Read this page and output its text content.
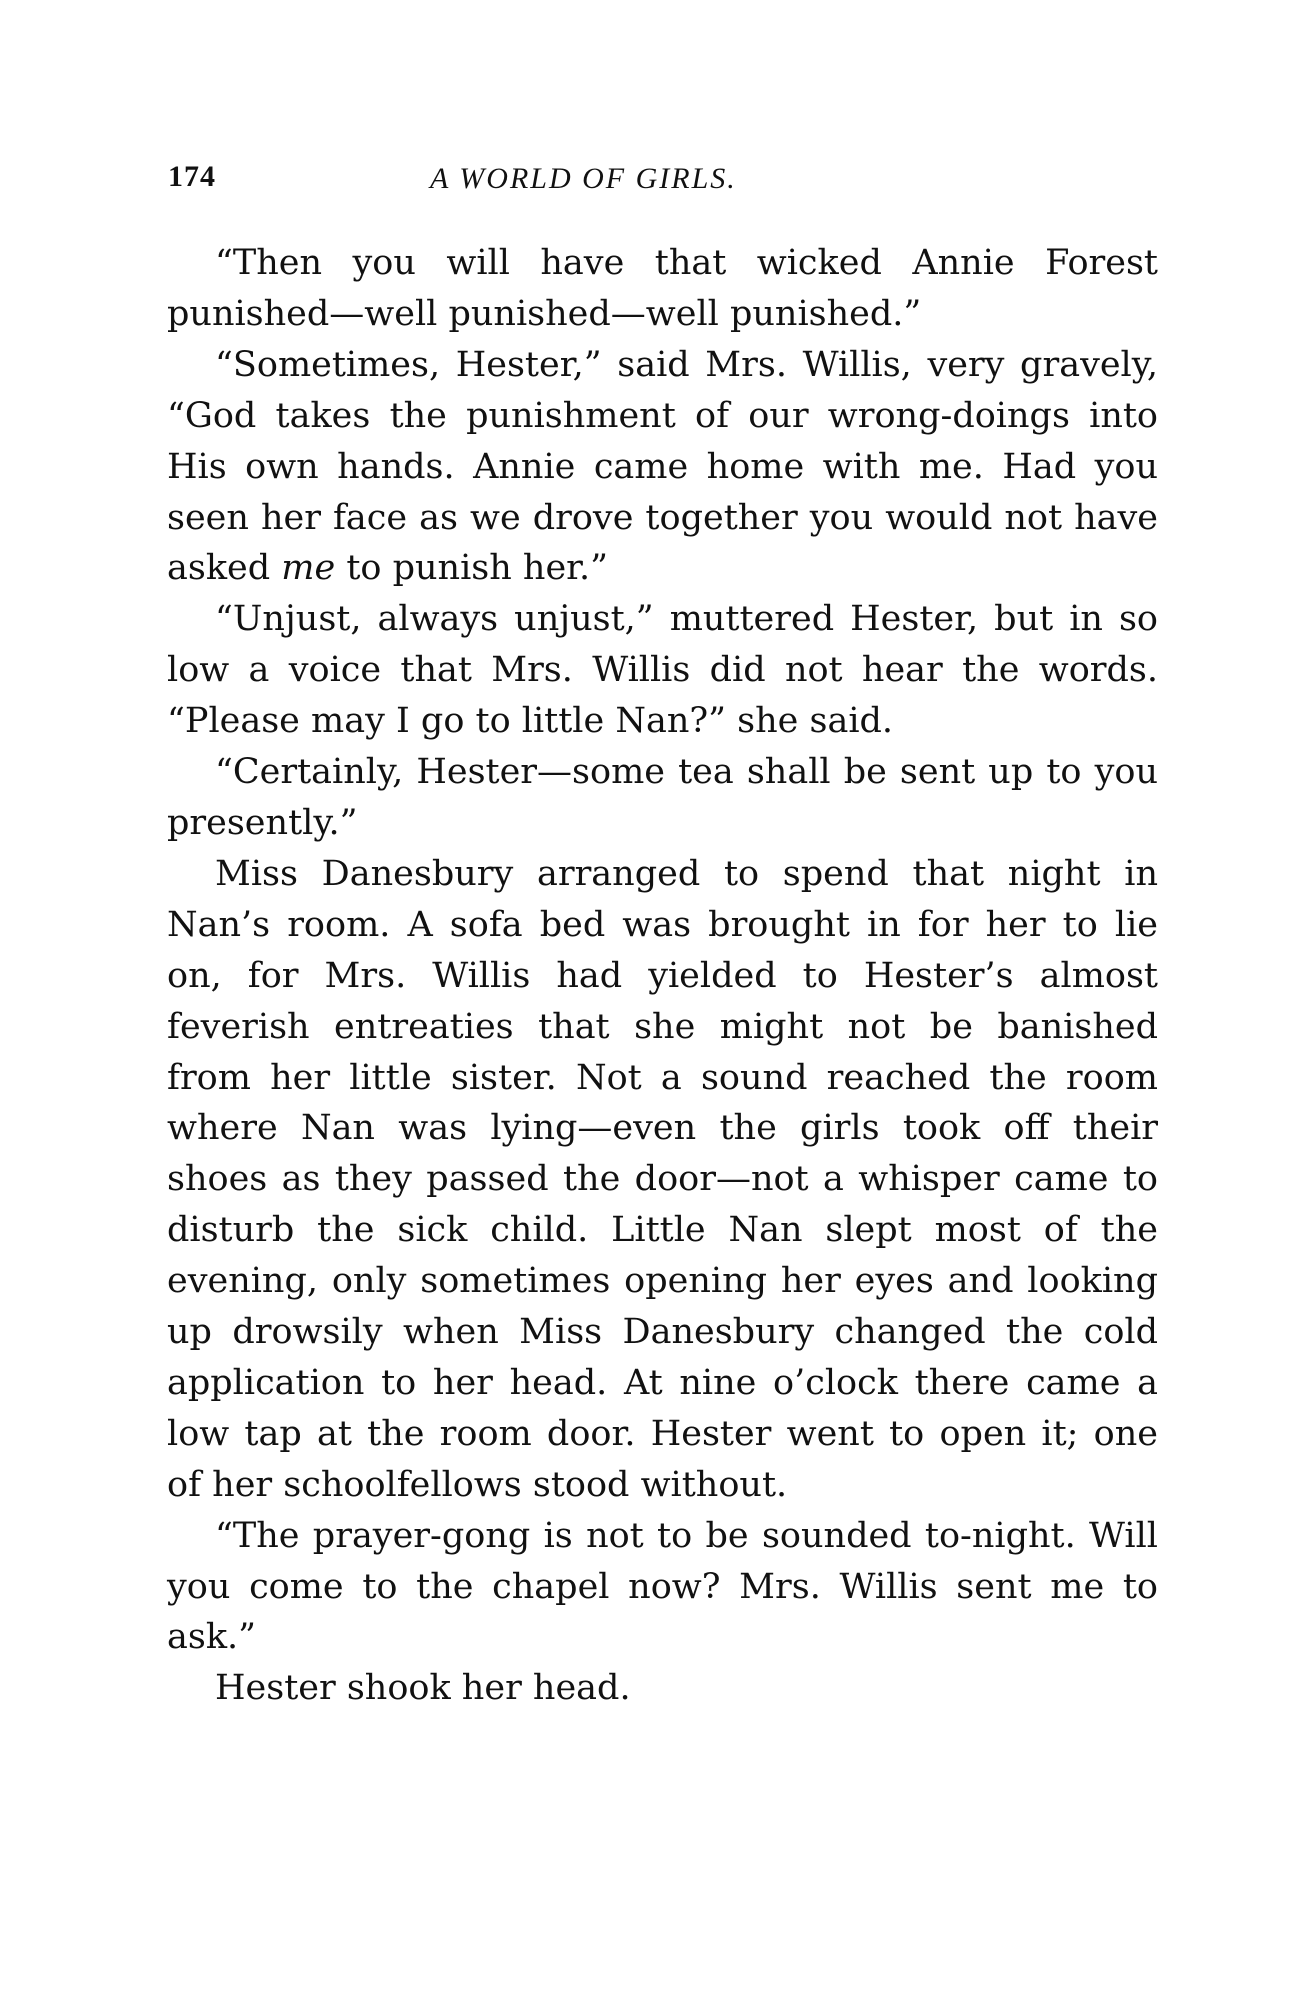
174	A WORLD OF GIRLS.

“Then you will have that wicked Annie Forest punished—well punished—well punished.”

“Sometimes, Hester,” said Mrs. Willis, very gravely, “God takes the punishment of our wrong-doings into His own hands. Annie came home with me. Had you seen her face as we drove together you would not have asked me to punish her.”

“Unjust, always unjust,” muttered Hester, but in so low a voice that Mrs. Willis did not hear the words. “Please may I go to little Nan?” she said.

“Certainly, Hester—some tea shall be sent up to you presently.”

Miss Danesbury arranged to spend that night in Nan’s room. A sofa bed was brought in for her to lie on, for Mrs. Willis had yielded to Hester’s almost feverish entreaties that she might not be banished from her little sister. Not a sound reached the room where Nan was lying—even the girls took off their shoes as they passed the door—not a whisper came to disturb the sick child. Little Nan slept most of the evening, only sometimes opening her eyes and looking up drowsily when Miss Danesbury changed the cold application to her head. At nine o’clock there came a low tap at the room door. Hester went to open it; one of her schoolfellows stood without.

“The prayer-gong is not to be sounded to-night. Will you come to the chapel now? Mrs. Willis sent me to ask.”

Hester shook her head.
